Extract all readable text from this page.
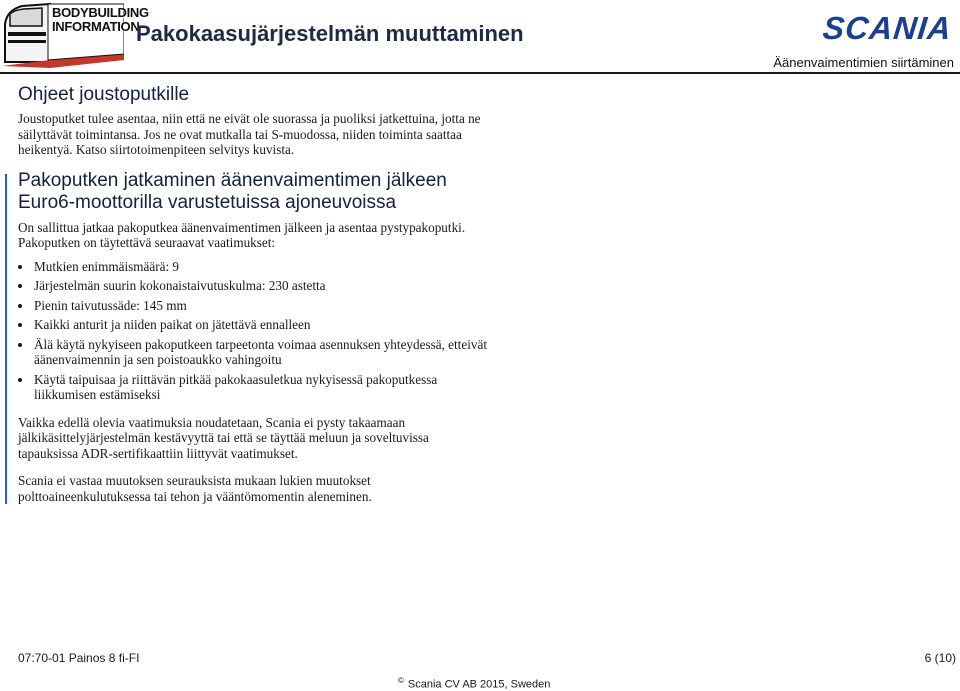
BODYBUILDING
INFORMATION
Pakokaasujärjestelmän muuttaminen	SCANIA
Äänenvaimentimien siirtäminen
Ohjeet joustoputkille

Joustoputket tulee asentaa, niin että ne eivät ole suorassa ja puoliksi jatkettuina, jotta ne säilyttävät toimintansa. Jos ne ovat mutkalla tai S-muodossa, niiden toiminta saattaa heikentyä. Katso siirtotoimenpiteen selvitys kuvista.

Pakoputken jatkaminen äänenvaimentimen jälkeen Euro6-moottorilla varustetuissa ajoneuvoissa

On sallittua jatkaa pakoputkea äänenvaimentimen jälkeen ja asentaa pystypakoputki. Pakoputken on täytettävä seuraavat vaatimukset:

Mutkien enimmäismäärä: 9
Järjestelmän suurin kokonaistaivutuskulma: 230 astetta
Pienin taivutussäde: 145 mm
Kaikki anturit ja niiden paikat on jätettävä ennalleen
Älä käytä nykyiseen pakoputkeen tarpeetonta voimaa asennuksen yhteydessä, etteivät äänenvaimennin ja sen poistoaukko vahingoitu
Käytä taipuisaa ja riittävän pitkää pakokaasuletkua nykyisessä pakoputkessa liikkumisen estämiseksi

Vaikka edellä olevia vaatimuksia noudatetaan, Scania ei pysty takaamaan jälkikäsittelyjärjestelmän kestävyyttä tai että se täyttää meluun ja soveltuvissa tapauksissa ADR-sertifikaattiin liittyvät vaatimukset.

Scania ei vastaa muutoksen seurauksista mukaan lukien muutokset polttoaineenkulutuksessa tai tehon ja vääntömomentin aleneminen.

07:70-01 Painos 8 fi-FI	6 (10)
© Scania CV AB 2015, Sweden
